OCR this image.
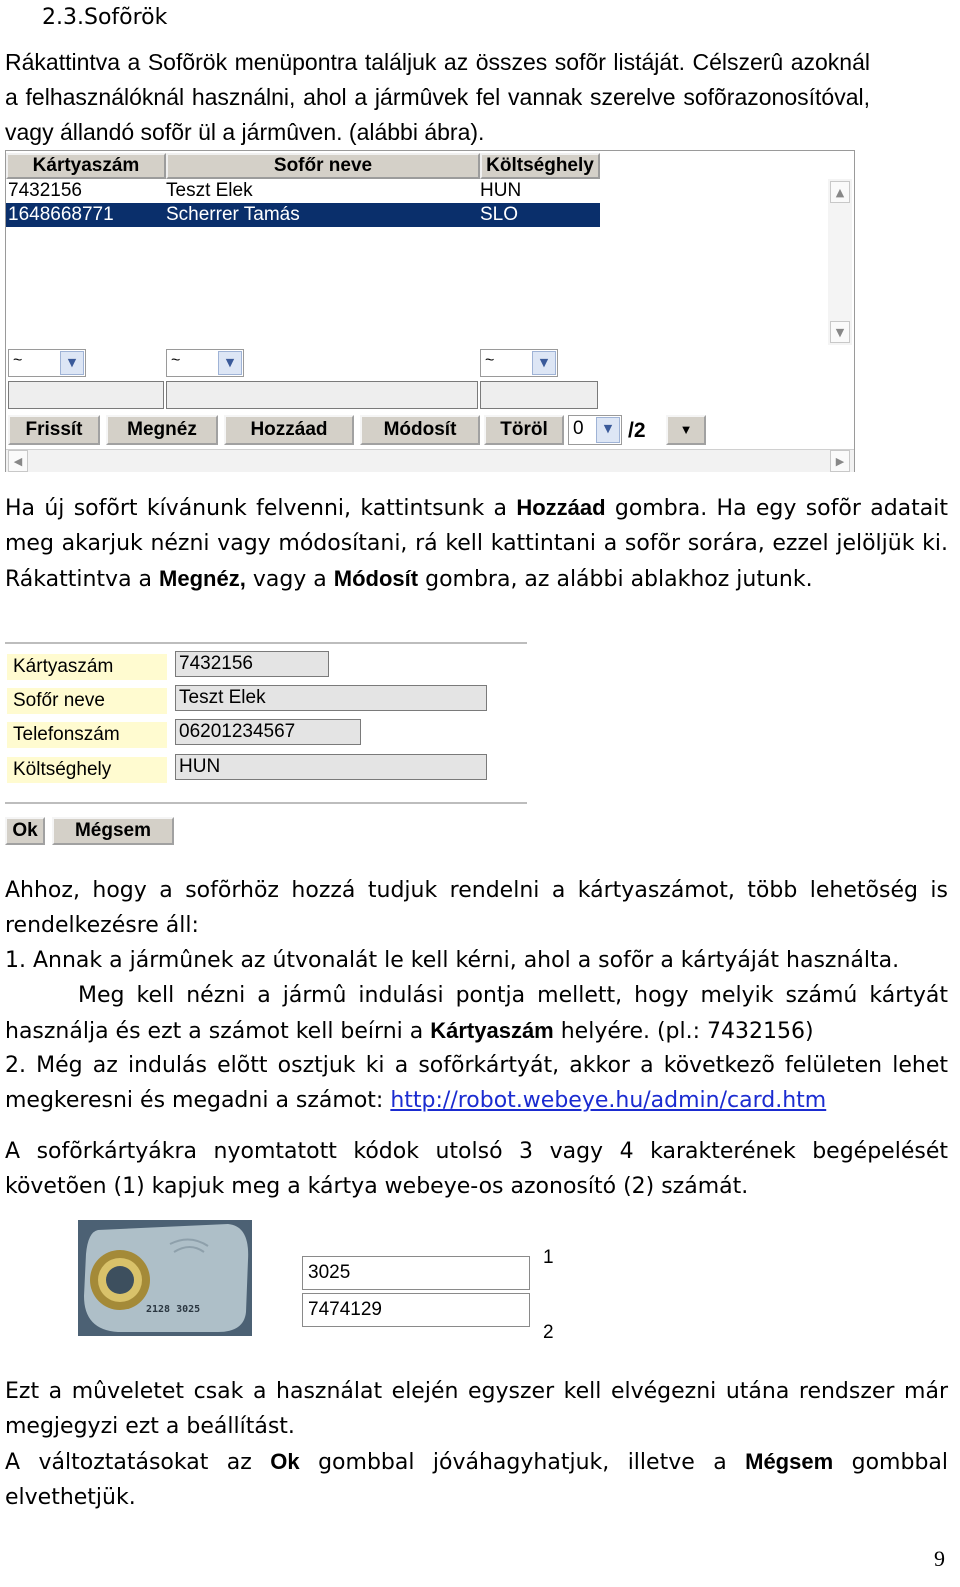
2.3.Sofõrök
Rákattintva a Sofõrök menüpontra találjuk az összes sofõr listáját. Célszerû azoknál a felhasználóknál használni, ahol a jármûvek fel vannak szerelve sofõrazonosítóval, vagy állandó sofõr ül a jármûven. (alábbi ábra).
Kártyaszám	Sofőr neve	Költséghely
7432156	Teszt Elek	HUN
1648668771	Scherrer Tamás	SLO
▲
▼
~	▼	~	▼	~	▼
Frissít	Megnéz	Hozzáad	Módosít	Töröl	0	▼ /2	▼
◀	▶
Ha új sofõrt kívánunk felvenni, kattintsunk a Hozzáad gombra. Ha egy sofõr adatait meg akarjuk nézni vagy módosítani, rá kell kattintani a sofõr sorára, ezzel jelöljük ki. Rákattintva a Megnéz, vagy a Módosít gombra, az alábbi ablakhoz jutunk.
Kártyaszám	7432156
Sofőr neve	Teszt Elek
Telefonszám	06201234567
Költséghely	HUN
Ok	Mégsem
Ahhoz, hogy a sofõrhöz hozzá tudjuk rendelni a kártyaszámot, több lehetõség is rendelkezésre áll:
1. Annak a jármûnek az útvonalát le kell kérni, ahol a sofõr a kártyáját használta.
Meg kell nézni a jármû indulási pontja mellett, hogy melyik számú kártyát használja és ezt a számot kell beírni a Kártyaszám helyére. (pl.: 7432156)
2. Még az indulás elõtt osztjuk ki a sofõrkártyát, akkor a következõ felületen lehet megkeresni és megadni a számot: http://robot.webeye.hu/admin/card.htm
A sofõrkártyákra nyomtatott kódok utolsó 3 vagy 4 karakterének begépelését követõen (1) kapjuk meg a kártya webeye-os azonosító (2) számát.
2128 3025
3025
7474129
1
2
Ezt a mûveletet csak a használat elején egyszer kell elvégezni utána rendszer már megjegyzi ezt a beállítást.
A változtatásokat az Ok gombbal jóváhagyhatjuk, illetve a Mégsem gombbal elvethetjük.
9
